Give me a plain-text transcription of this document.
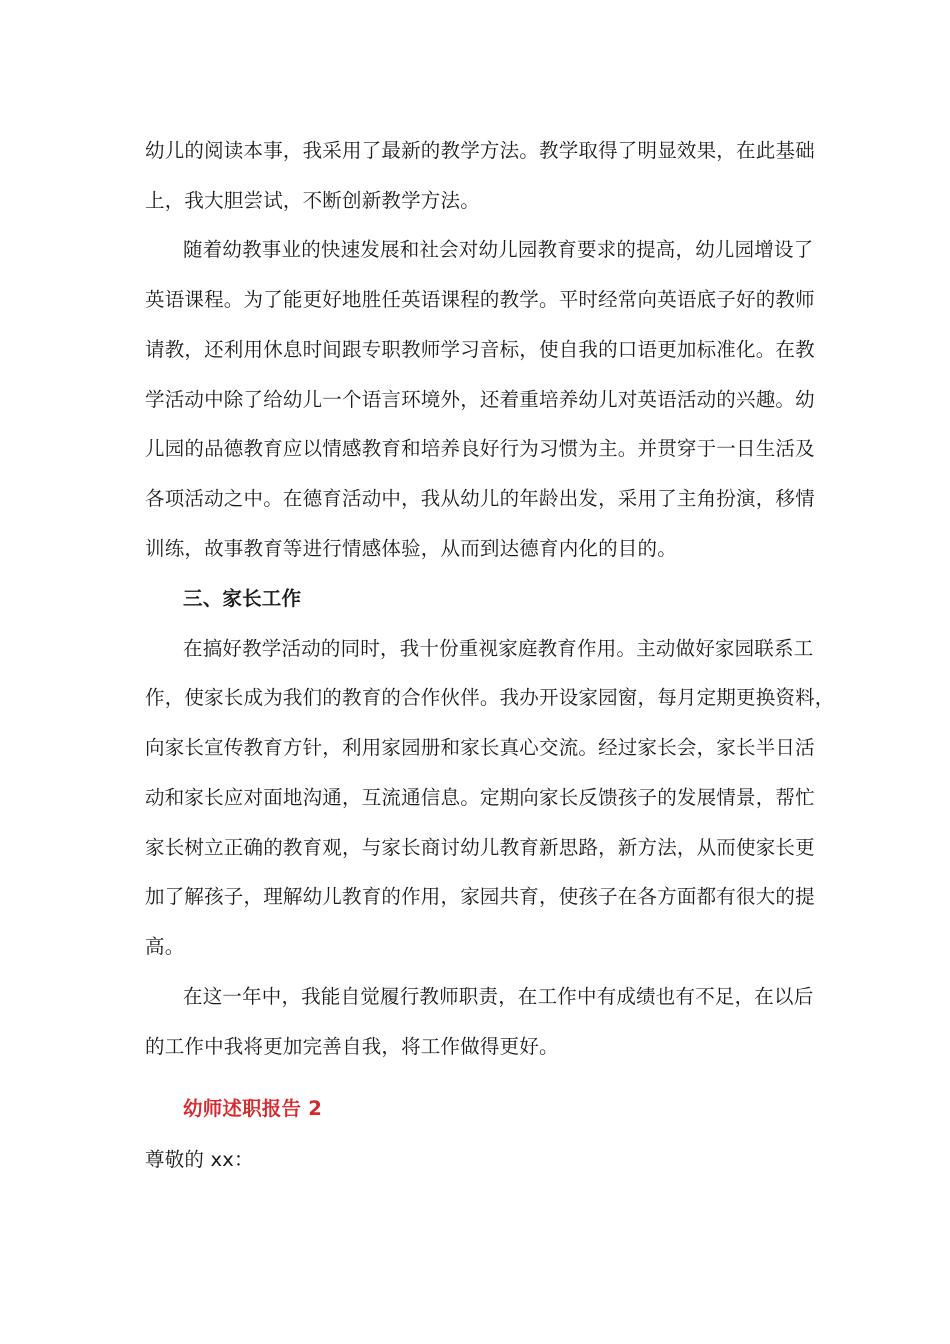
幼儿的阅读本事，我采用了最新的教学方法。教学取得了明显效果，在此基础
上，我大胆尝试，不断创新教学方法。
随着幼教事业的快速发展和社会对幼儿园教育要求的提高，幼儿园增设了
英语课程。为了能更好地胜任英语课程的教学。平时经常向英语底子好的教师
请教，还利用休息时间跟专职教师学习音标，使自我的口语更加标准化。在教
学活动中除了给幼儿一个语言环境外，还着重培养幼儿对英语活动的兴趣。幼
儿园的品德教育应以情感教育和培养良好行为习惯为主。并贯穿于一日生活及
各项活动之中。在德育活动中，我从幼儿的年龄出发，采用了主角扮演，移情
训练，故事教育等进行情感体验，从而到达德育内化的目的。
三、家长工作
在搞好教学活动的同时，我十份重视家庭教育作用。主动做好家园联系工
作，使家长成为我们的教育的合作伙伴。我办开设家园窗，每月定期更换资料，
向家长宣传教育方针，利用家园册和家长真心交流。经过家长会，家长半日活
动和家长应对面地沟通，互流通信息。定期向家长反馈孩子的发展情景，帮忙
家长树立正确的教育观，与家长商讨幼儿教育新思路，新方法，从而使家长更
加了解孩子，理解幼儿教育的作用，家园共育，使孩子在各方面都有很大的提
高。
在这一年中，我能自觉履行教师职责，在工作中有成绩也有不足，在以后
的工作中我将更加完善自我，将工作做得更好。
幼师述职报告 2
尊敬的 xx：
